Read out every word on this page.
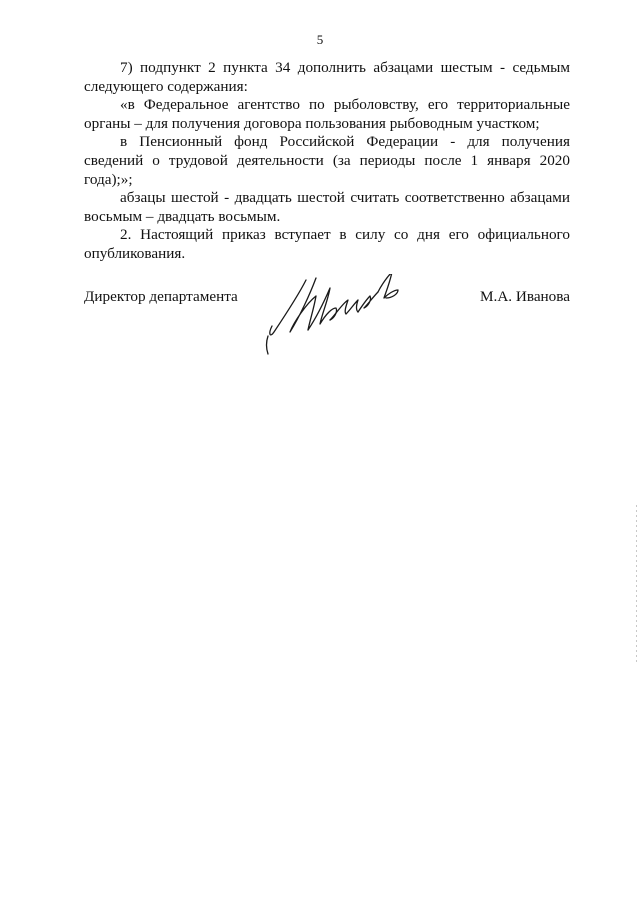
5

7) подпункт 2 пункта 34 дополнить абзацами шестым - седьмым следующего содержания:

«в Федеральное агентство по рыболовству, его территориальные органы – для получения договора пользования рыбоводным участком;

в Пенсионный фонд Российской Федерации - для получения сведений о трудовой деятельности (за периоды после 1 января 2020 года);»;

абзацы шестой - двадцать шестой считать соответственно абзацами восьмым – двадцать восьмым.

2. Настоящий приказ вступает в силу со дня его официального опубликования.

Директор департамента	М.А. Иванова
